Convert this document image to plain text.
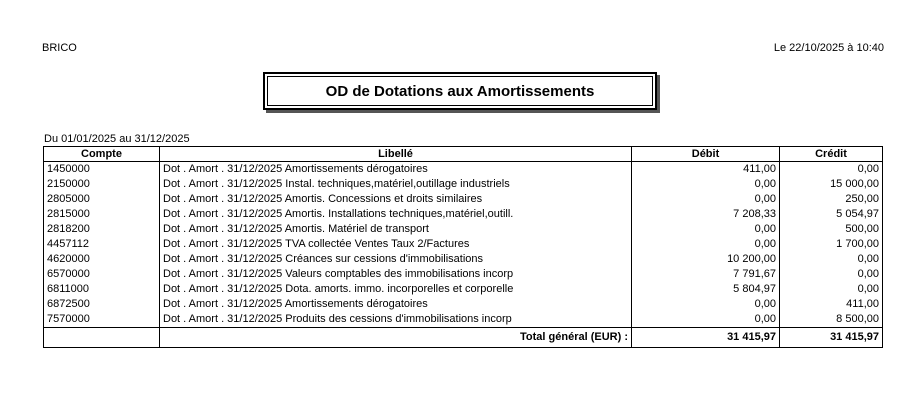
BRICO	Le 22/10/2025 à 10:40
OD de Dotations aux Amortissements
Du 01/01/2025 au 31/12/2025
Compte	Libellé	Débit	Crédit
1450000	Dot . Amort . 31/12/2025 Amortissements dérogatoires	411,00	0,00
2150000	Dot . Amort . 31/12/2025 Instal. techniques,matériel,outillage industriels	0,00	15 000,00
2805000	Dot . Amort . 31/12/2025 Amortis. Concessions et droits similaires	0,00	250,00
2815000	Dot . Amort . 31/12/2025 Amortis. Installations techniques,matériel,outill.	7 208,33	5 054,97
2818200	Dot . Amort . 31/12/2025 Amortis. Matériel de transport	0,00	500,00
4457112	Dot . Amort . 31/12/2025 TVA collectée Ventes Taux 2/Factures	0,00	1 700,00
4620000	Dot . Amort . 31/12/2025 Créances sur cessions d'immobilisations	10 200,00	0,00
6570000	Dot . Amort . 31/12/2025 Valeurs comptables des immobilisations incorp	7 791,67	0,00
6811000	Dot . Amort . 31/12/2025 Dota. amorts. immo. incorporelles et corporelle	5 804,97	0,00
6872500	Dot . Amort . 31/12/2025 Amortissements dérogatoires	0,00	411,00
7570000	Dot . Amort . 31/12/2025 Produits des cessions d'immobilisations incorp	0,00	8 500,00
	Total général (EUR) :	31 415,97	31 415,97
